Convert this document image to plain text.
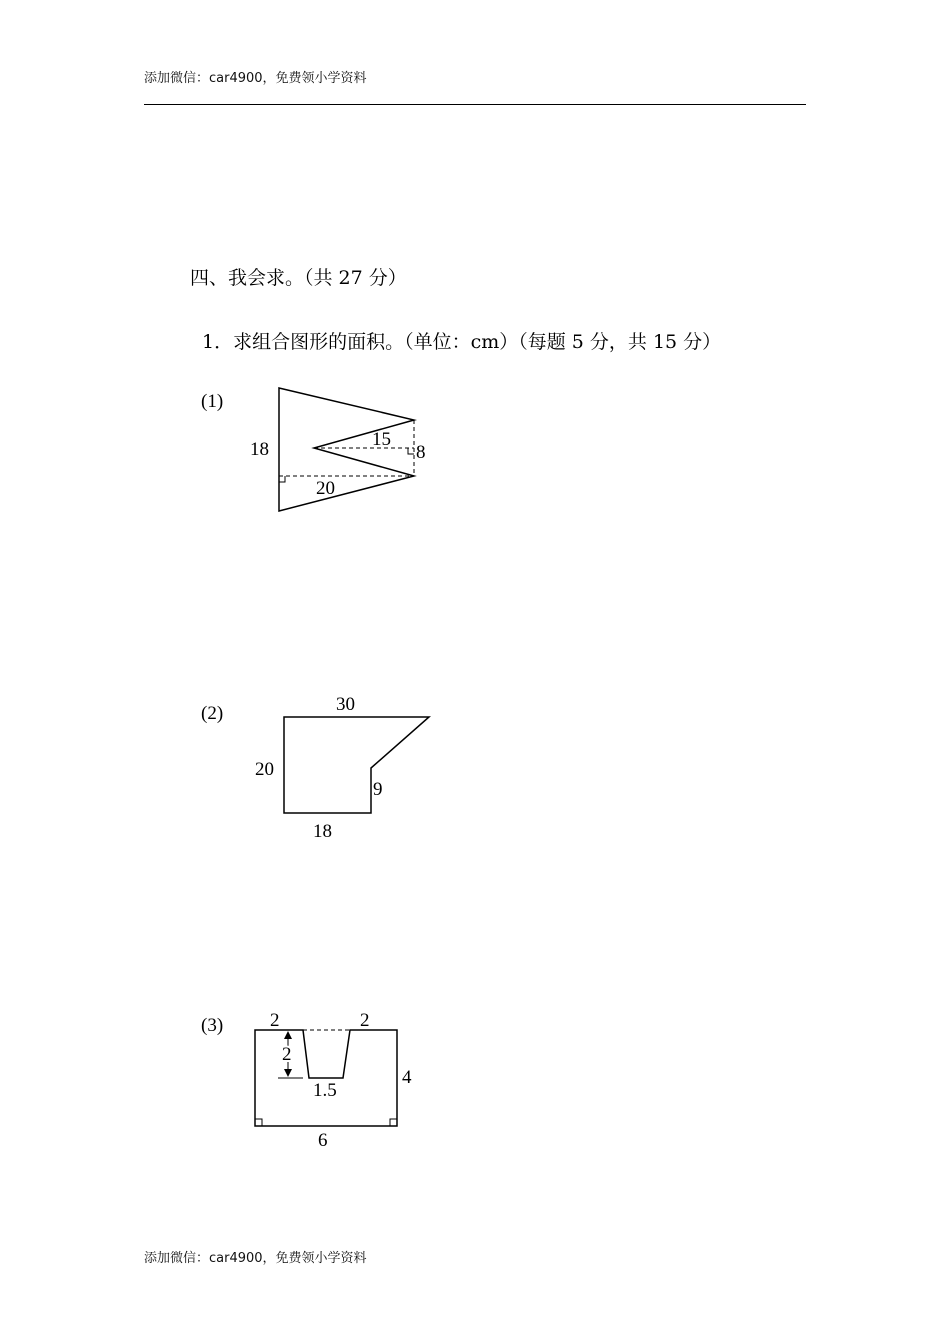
添加微信：car4900，免费领小学资料
四、我会求。（共 27 分）
1．求组合图形的面积。（单位：cm）（每题 5 分，共 15 分）
(1)
18	15
8
20
(2)	30
20
9
18
(3) 2	2
2
1.5
4
6
添加微信：car4900，免费领小学资料
